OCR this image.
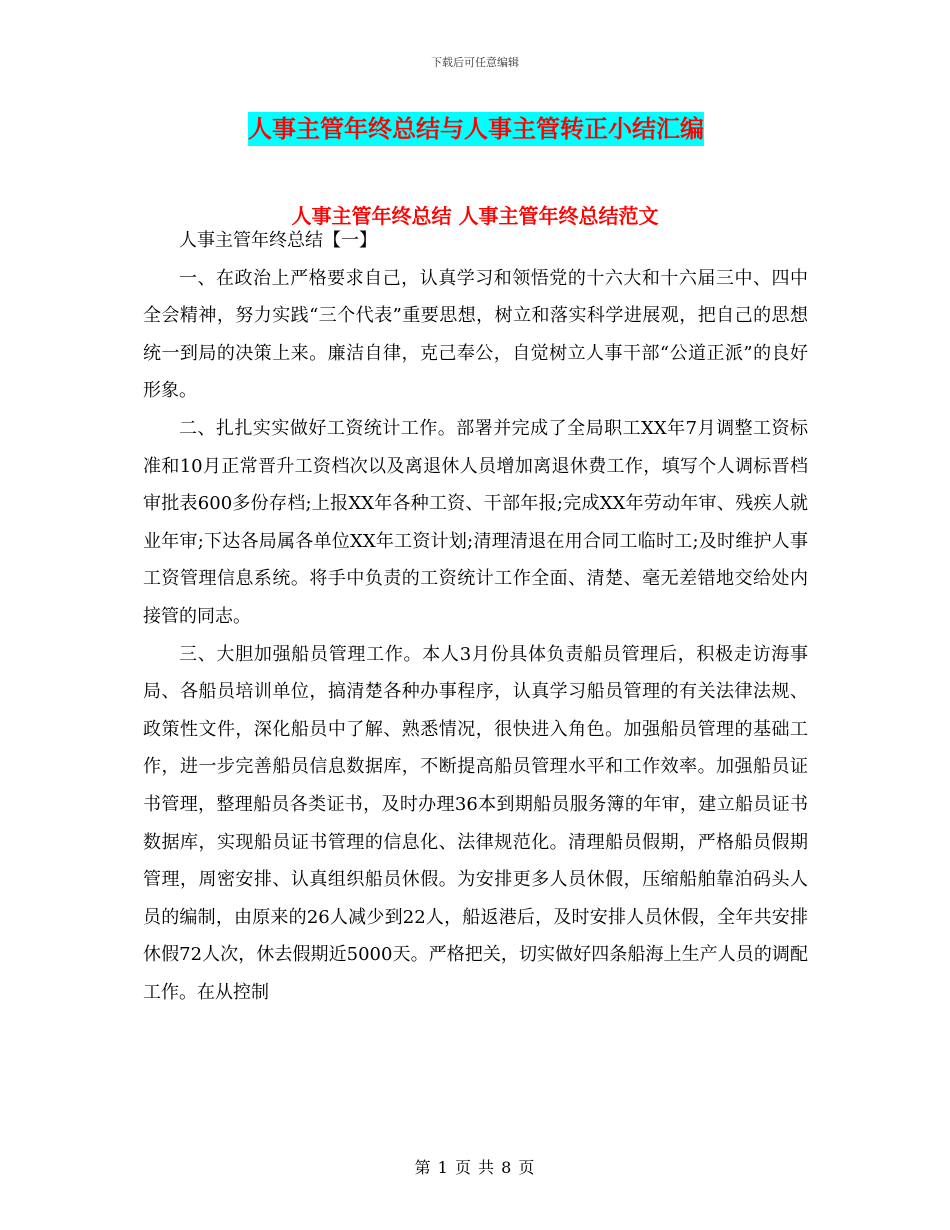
下载后可任意编辑
人事主管年终总结与人事主管转正小结汇编
人事主管年终总结 人事主管年终总结范文

人事主管年终总结【一】

一、在政治上严格要求自己，认真学习和领悟党的十六大和十六届三中、四中全会精神，努力实践“三个代表”重要思想，树立和落实科学进展观，把自己的思想统一到局的决策上来。廉洁自律，克己奉公，自觉树立人事干部“公道正派”的良好形象。

二、扎扎实实做好工资统计工作。部署并完成了全局职工XX年7月调整工资标准和10月正常晋升工资档次以及离退休人员增加离退休费工作，填写个人调标晋档审批表600多份存档;上报XX年各种工资、干部年报;完成XX年劳动年审、残疾人就业年审;下达各局属各单位XX年工资计划;清理清退在用合同工临时工;及时维护人事工资管理信息系统。将手中负责的工资统计工作全面、清楚、毫无差错地交给处内接管的同志。

三、大胆加强船员管理工作。本人3月份具体负责船员管理后，积极走访海事局、各船员培训单位，搞清楚各种办事程序，认真学习船员管理的有关法律法规、政策性文件，深化船员中了解、熟悉情况，很快进入角色。加强船员管理的基础工作，进一步完善船员信息数据库，不断提高船员管理水平和工作效率。加强船员证书管理，整理船员各类证书，及时办理36本到期船员服务簿的年审，建立船员证书数据库，实现船员证书管理的信息化、法律规范化。清理船员假期，严格船员假期管理，周密安排、认真组织船员休假。为安排更多人员休假，压缩船舶靠泊码头人员的编制，由原来的26人减少到22人，船返港后，及时安排人员休假，全年共安排休假72人次，休去假期近5000天。严格把关，切实做好四条船海上生产人员的调配工作。在从控制

第 1 页 共 8 页
